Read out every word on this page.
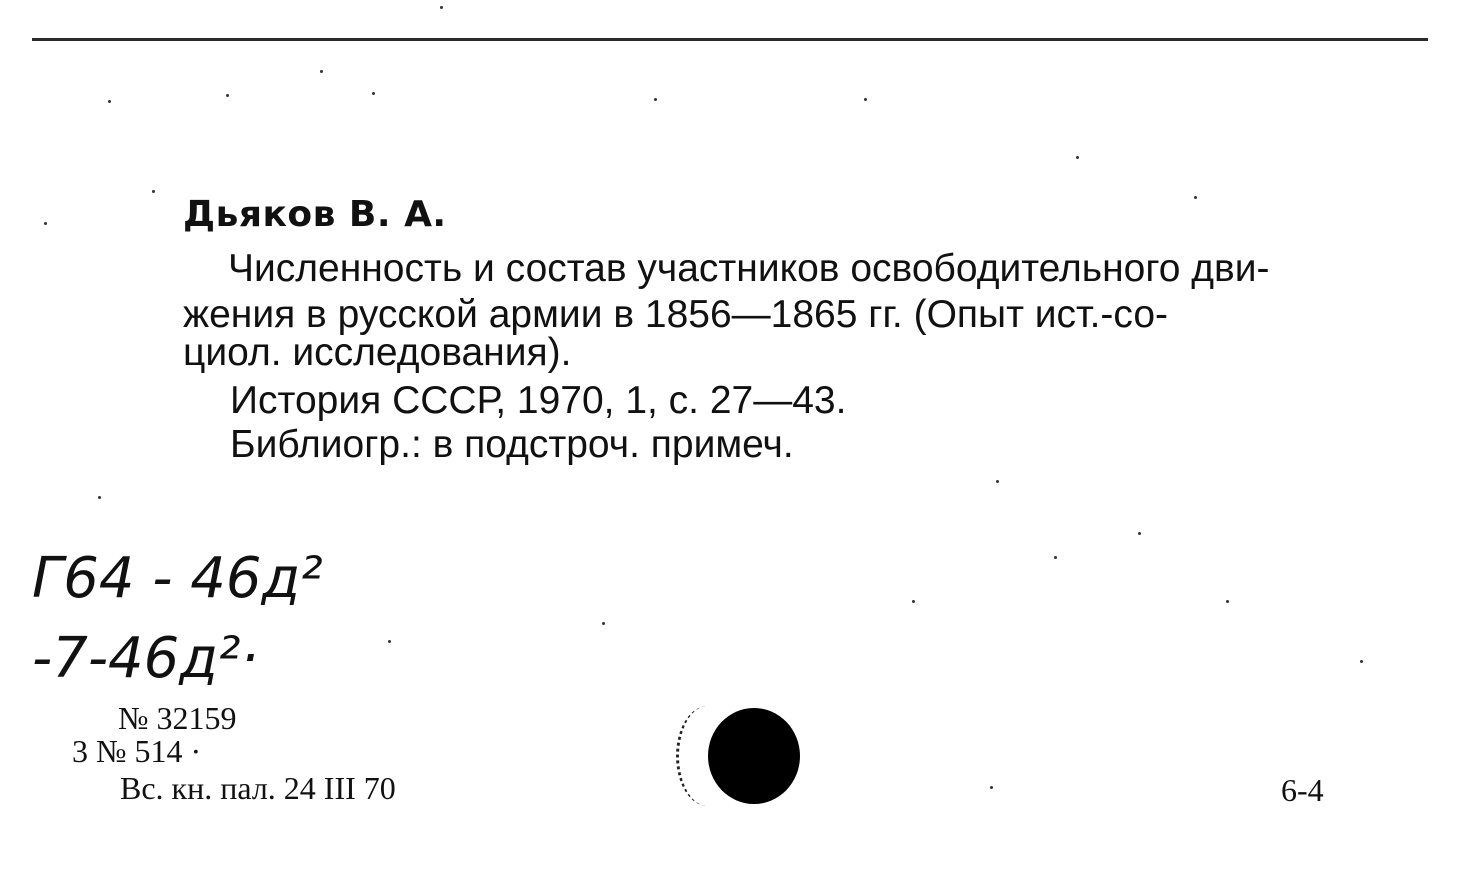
Дьяков В. А.
Численность и состав участников освободительного дви-
жения в русской армии в 1856—1865 гг. (Опыт ист.-со-
циол. исследования).
История СССР, 1970, 1, с. 27—43.
Библиогр.: в подстроч. примеч.
Г64 - 46д²
-7-46д²·
№ 32159
3 № 514 ·
Вс. кн. пал. 24 III 70	6-4
